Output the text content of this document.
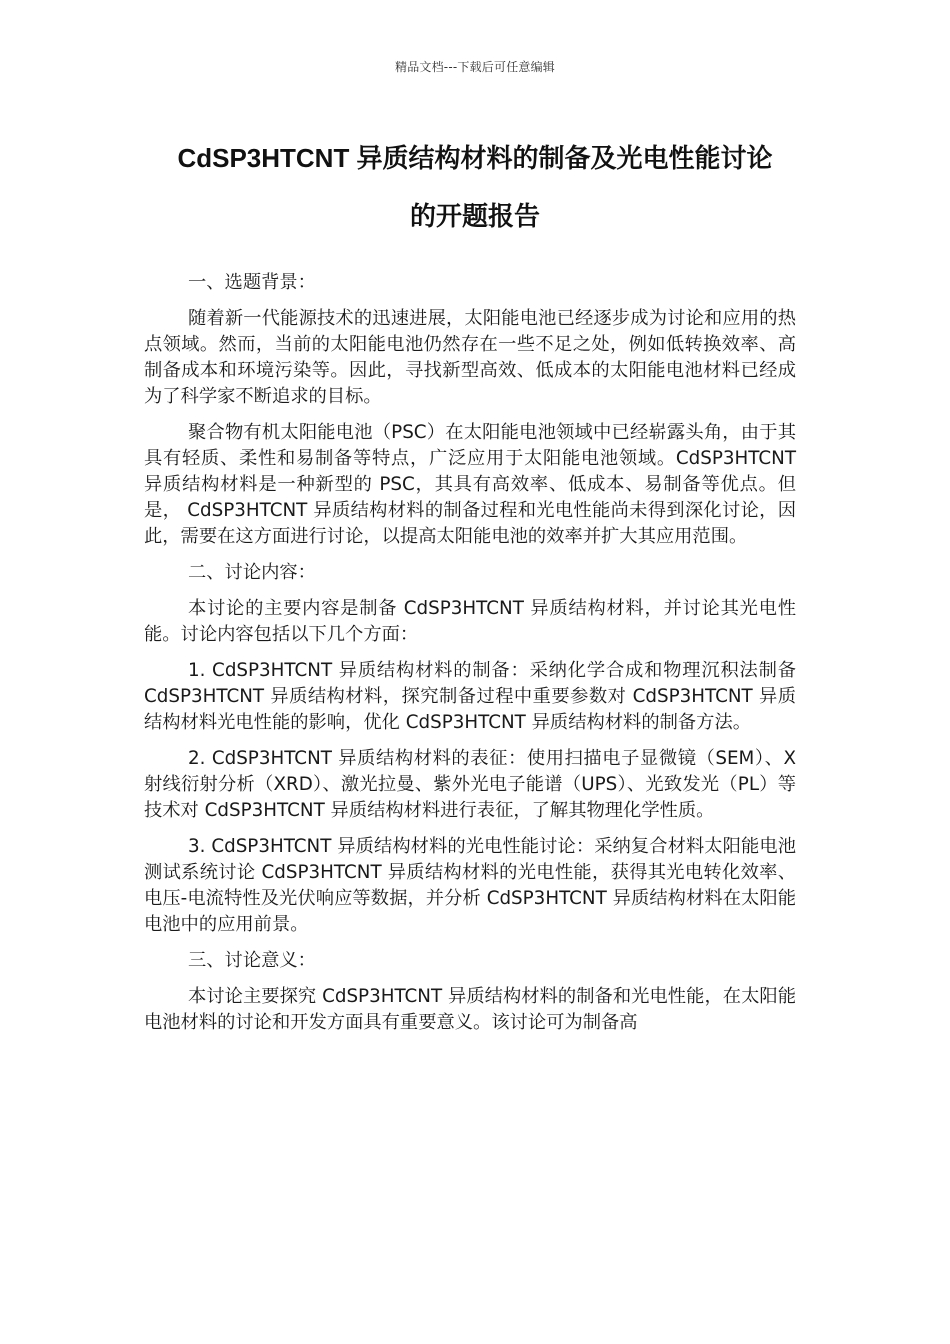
精品文档---下载后可任意编辑
CdSP3HTCNT 异质结构材料的制备及光电性能讨论
的开题报告
一、选题背景：

随着新一代能源技术的迅速进展，太阳能电池已经逐步成为讨论和应用的热点领域。然而，当前的太阳能电池仍然存在一些不足之处，例如低转换效率、高制备成本和环境污染等。因此，寻找新型高效、低成本的太阳能电池材料已经成为了科学家不断追求的目标。

聚合物有机太阳能电池（PSC）在太阳能电池领域中已经崭露头角，由于其具有轻质、柔性和易制备等特点，广泛应用于太阳能电池领域。CdSP3HTCNT 异质结构材料是一种新型的 PSC，其具有高效率、低成本、易制备等优点。但是， CdSP3HTCNT 异质结构材料的制备过程和光电性能尚未得到深化讨论，因此，需要在这方面进行讨论，以提高太阳能电池的效率并扩大其应用范围。

二、讨论内容：

本讨论的主要内容是制备 CdSP3HTCNT 异质结构材料，并讨论其光电性能。讨论内容包括以下几个方面：

1. CdSP3HTCNT 异质结构材料的制备：采纳化学合成和物理沉积法制备 CdSP3HTCNT 异质结构材料，探究制备过程中重要参数对 CdSP3HTCNT 异质结构材料光电性能的影响，优化 CdSP3HTCNT 异质结构材料的制备方法。

2. CdSP3HTCNT 异质结构材料的表征：使用扫描电子显微镜（SEM）、X 射线衍射分析（XRD）、激光拉曼、紫外光电子能谱（UPS）、光致发光（PL）等技术对 CdSP3HTCNT 异质结构材料进行表征，了解其物理化学性质。

3. CdSP3HTCNT 异质结构材料的光电性能讨论：采纳复合材料太阳能电池测试系统讨论 CdSP3HTCNT 异质结构材料的光电性能，获得其光电转化效率、电压-电流特性及光伏响应等数据，并分析 CdSP3HTCNT 异质结构材料在太阳能电池中的应用前景。

三、讨论意义：

本讨论主要探究 CdSP3HTCNT 异质结构材料的制备和光电性能，在太阳能电池材料的讨论和开发方面具有重要意义。该讨论可为制备高
